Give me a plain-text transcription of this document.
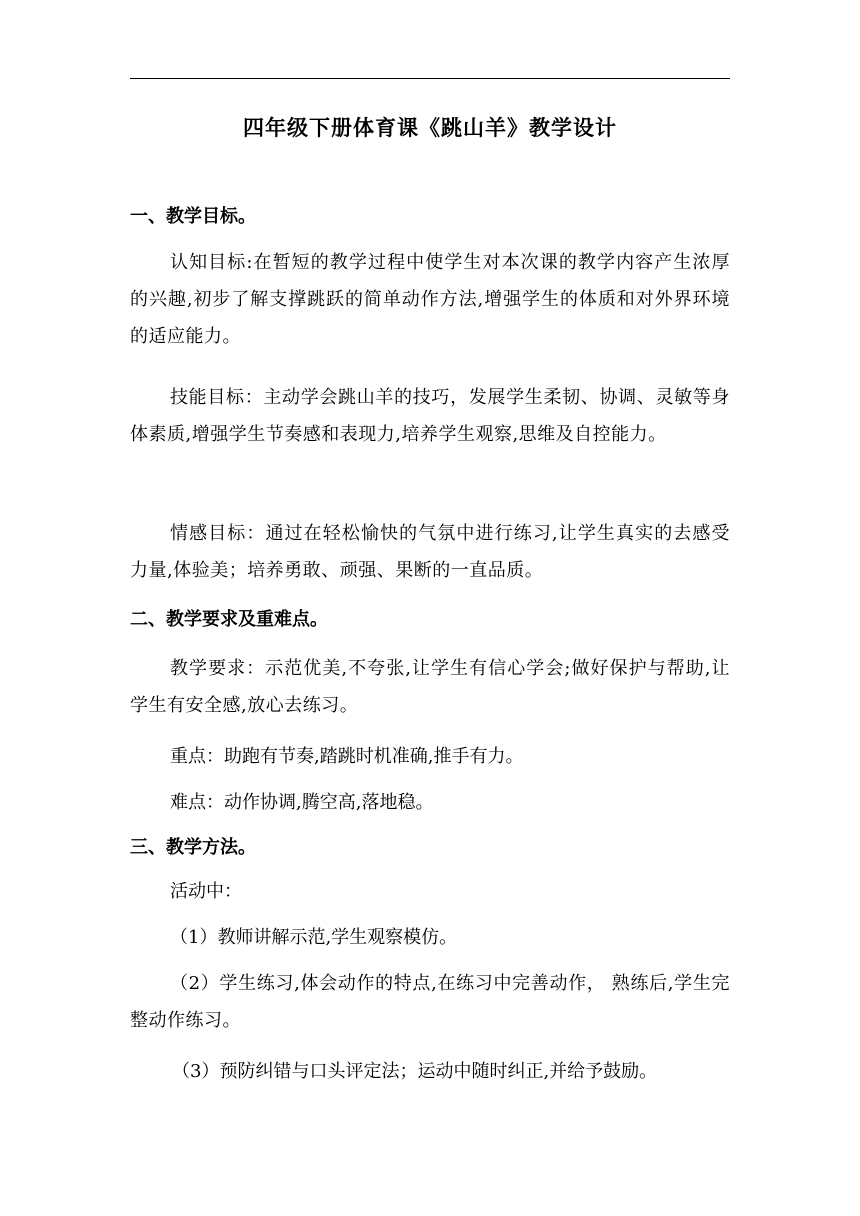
四年级下册体育课《跳山羊》教学设计
一、教学目标。
认知目标:在暂短的教学过程中使学生对本次课的教学内容产生浓厚的兴趣,初步了解支撑跳跃的简单动作方法,增强学生的体质和对外界环境的适应能力。
技能目标：主动学会跳山羊的技巧，发展学生柔韧、协调、灵敏等身体素质,增强学生节奏感和表现力,培养学生观察,思维及自控能力。
情感目标：通过在轻松愉快的气氛中进行练习,让学生真实的去感受力量,体验美；培养勇敢、顽强、果断的一直品质。
二、教学要求及重难点。
教学要求：示范优美,不夸张,让学生有信心学会;做好保护与帮助,让学生有安全感,放心去练习。
重点：助跑有节奏,踏跳时机准确,推手有力。
难点：动作协调,腾空高,落地稳。
三、教学方法。
活动中：
（1）教师讲解示范,学生观察模仿。
（2）学生练习,体会动作的特点,在练习中完善动作， 熟练后,学生完整动作练习。
（3）预防纠错与口头评定法；运动中随时纠正,并给予鼓励。
